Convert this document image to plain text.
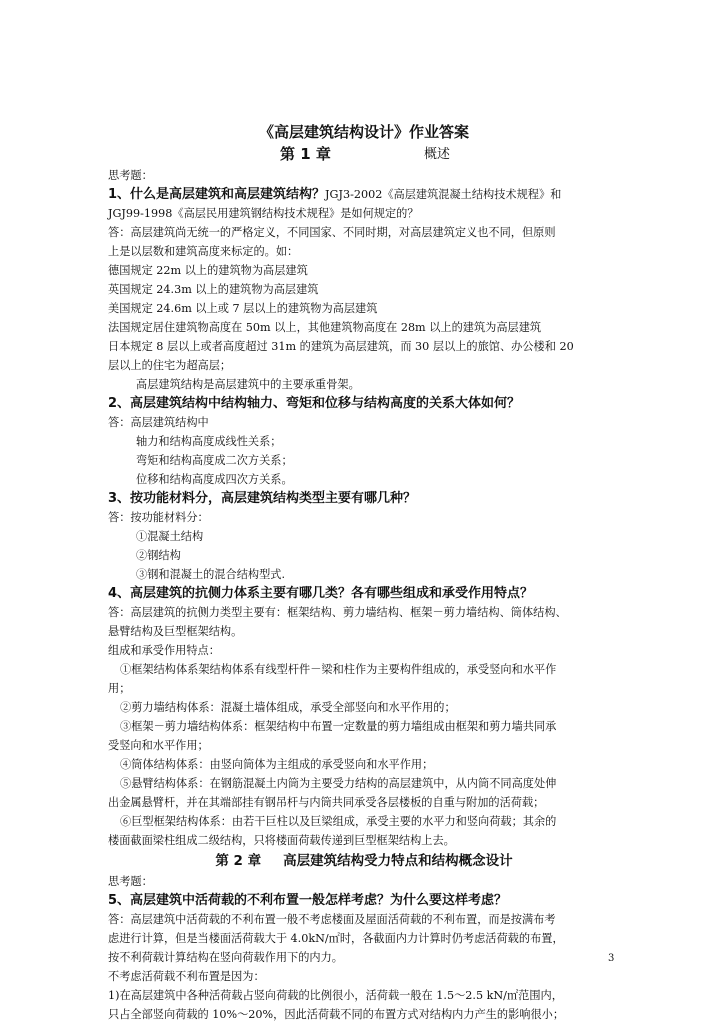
《高层建筑结构设计》作业答案
第 1 章	概述
思考题：
1、什么是高层建筑和高层建筑结构？JGJ3-2002《高层建筑混凝土结构技术规程》和
JGJ99-1998《高层民用建筑钢结构技术规程》是如何规定的？
答：高层建筑尚无统一的严格定义，不同国家、不同时期，对高层建筑定义也不同，但原则
上是以层数和建筑高度来标定的。如：
德国规定 22m 以上的建筑物为高层建筑
英国规定 24.3m 以上的建筑物为高层建筑
美国规定 24.6m 以上或 7 层以上的建筑物为高层建筑
法国规定居住建筑物高度在 50m 以上，其他建筑物高度在 28m 以上的建筑为高层建筑
日本规定 8 层以上或者高度超过 31m 的建筑为高层建筑，而 30 层以上的旅馆、办公楼和 20
层以上的住宅为超高层；
高层建筑结构是高层建筑中的主要承重骨架。
2、高层建筑结构中结构轴力、弯矩和位移与结构高度的关系大体如何？
答：高层建筑结构中
轴力和结构高度成线性关系；
弯矩和结构高度成二次方关系；
位移和结构高度成四次方关系。
3、按功能材料分，高层建筑结构类型主要有哪几种？
答：按功能材料分：
①混凝土结构
②钢结构
③钢和混凝土的混合结构型式.
4、高层建筑的抗侧力体系主要有哪几类？各有哪些组成和承受作用特点？
答：高层建筑的抗侧力类型主要有：框架结构、剪力墙结构、框架－剪力墙结构、筒体结构、
悬臂结构及巨型框架结构。
组成和承受作用特点：
①框架结构体系架结构体系有线型杆件－梁和柱作为主要构件组成的，承受竖向和水平作
用；
②剪力墙结构体系：混凝土墙体组成，承受全部竖向和水平作用的；
③框架－剪力墙结构体系：框架结构中布置一定数量的剪力墙组成由框架和剪力墙共同承
受竖向和水平作用；
④筒体结构体系：由竖向筒体为主组成的承受竖向和水平作用；
⑤悬臂结构体系：在钢筋混凝土内筒为主要受力结构的高层建筑中，从内筒不同高度处伸
出金属悬臂杆，并在其端部挂有钢吊杆与内筒共同承受各层楼板的自重与附加的活荷载；
⑥巨型框架结构体系：由若干巨柱以及巨梁组成，承受主要的水平力和竖向荷载；其余的
楼面截面梁柱组成二级结构，只将楼面荷载传递到巨型框架结构上去。
第 2 章 高层建筑结构受力特点和结构概念设计
思考题：
5、高层建筑中活荷载的不利布置一般怎样考虑？为什么要这样考虑？
答：高层建筑中活荷载的不利布置一般不考虑楼面及屋面活荷载的不利布置，而是按满布考
虑进行计算，但是当楼面活荷载大于 4.0kN/㎡时，各截面内力计算时仍考虑活荷载的布置，
按不利荷载计算结构在竖向荷载作用下的内力。
不考虑活荷载不利布置是因为：
1)在高层建筑中各种活荷载占竖向荷载的比例很小，活荷载一般在 1.5～2.5 kN/㎡范围内，
只占全部竖向荷载的 10%～20%，因此活荷载不同的布置方式对结构内力产生的影响很小；
3
